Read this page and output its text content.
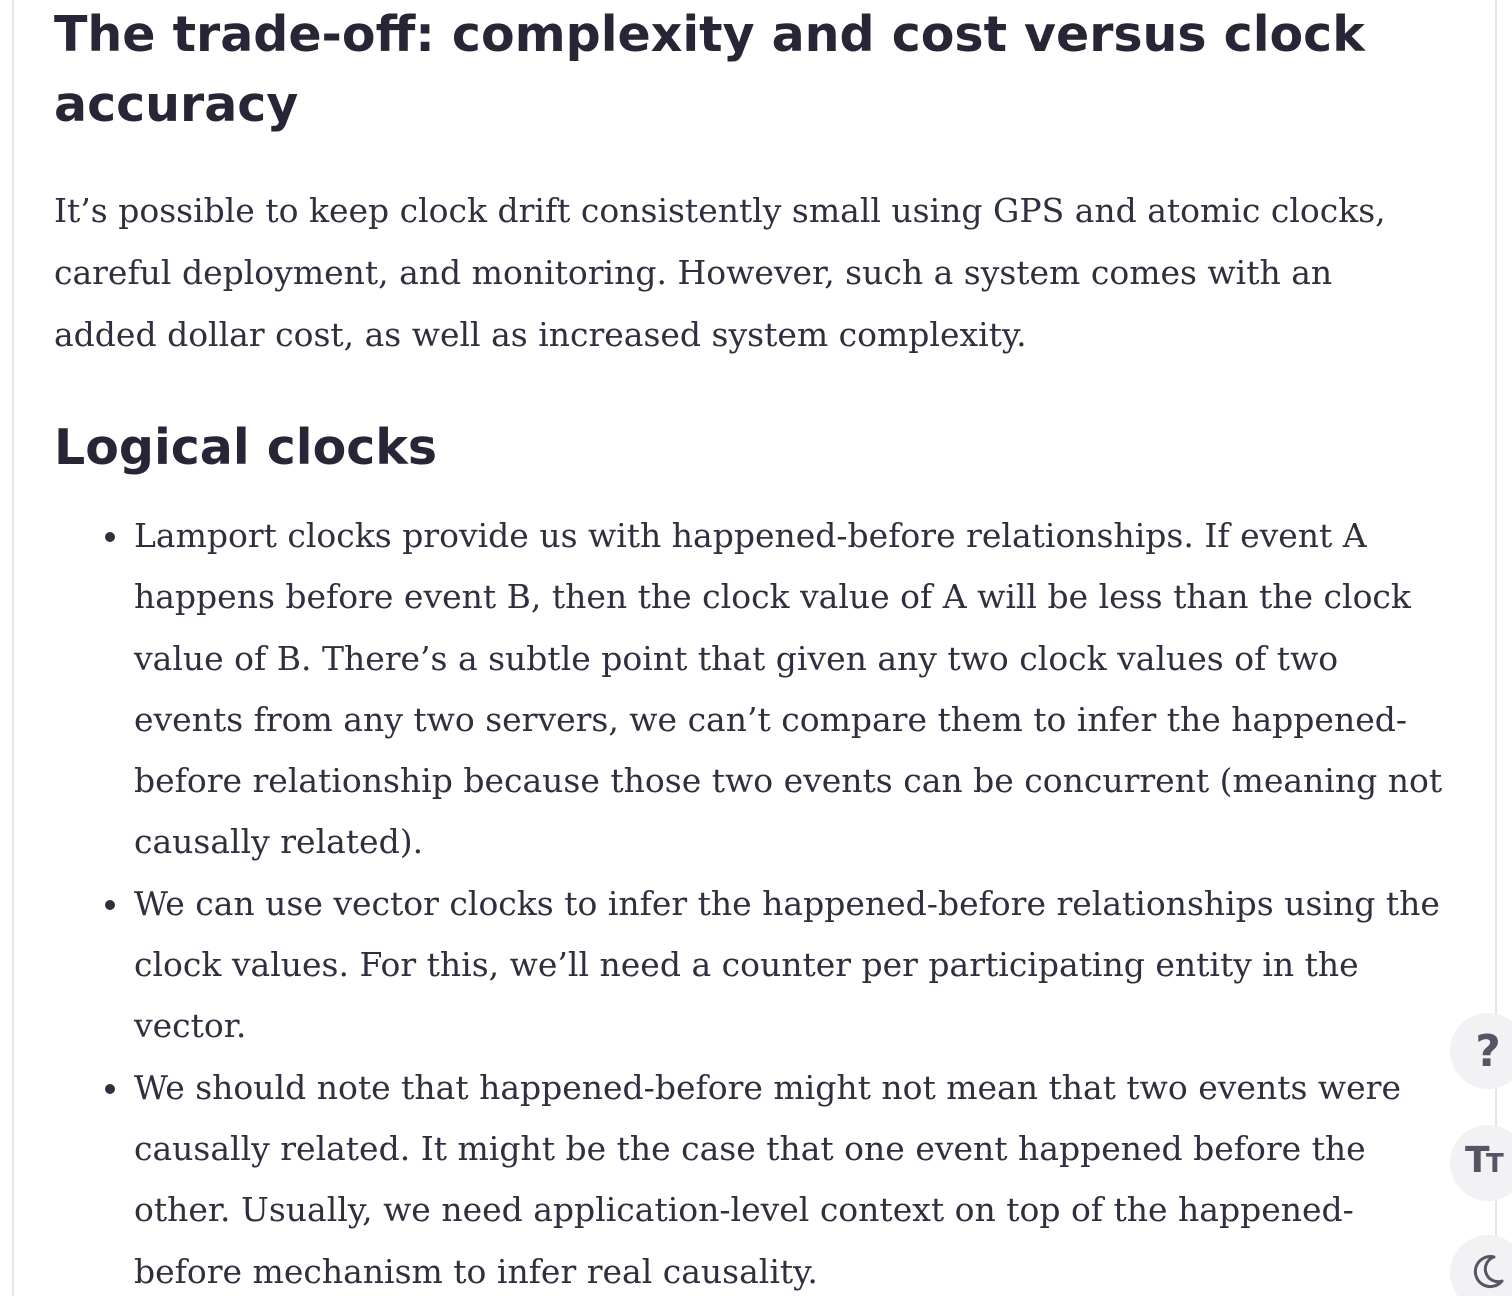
The trade-off: complexity and cost versus clock accuracy

It’s possible to keep clock drift consistently small using GPS and atomic clocks, careful deployment, and monitoring. However, such a system comes with an added dollar cost, as well as increased system complexity.

Logical clocks
Lamport clocks provide us with happened-before relationships. If event A happens before event B, then the clock value of A will be less than the clock value of B. There’s a subtle point that given any two clock values of two events from any two servers, we can’t compare them to infer the happened-before relationship because those two events can be concurrent (meaning not causally related).
We can use vector clocks to infer the happened-before relationships using the clock values. For this, we’ll need a counter per participating entity in the vector.
We should note that happened-before might not mean that two events were causally related. It might be the case that one event happened before the other. Usually, we need application-level context on top of the happened-before mechanism to infer real causality.
?
T
T
